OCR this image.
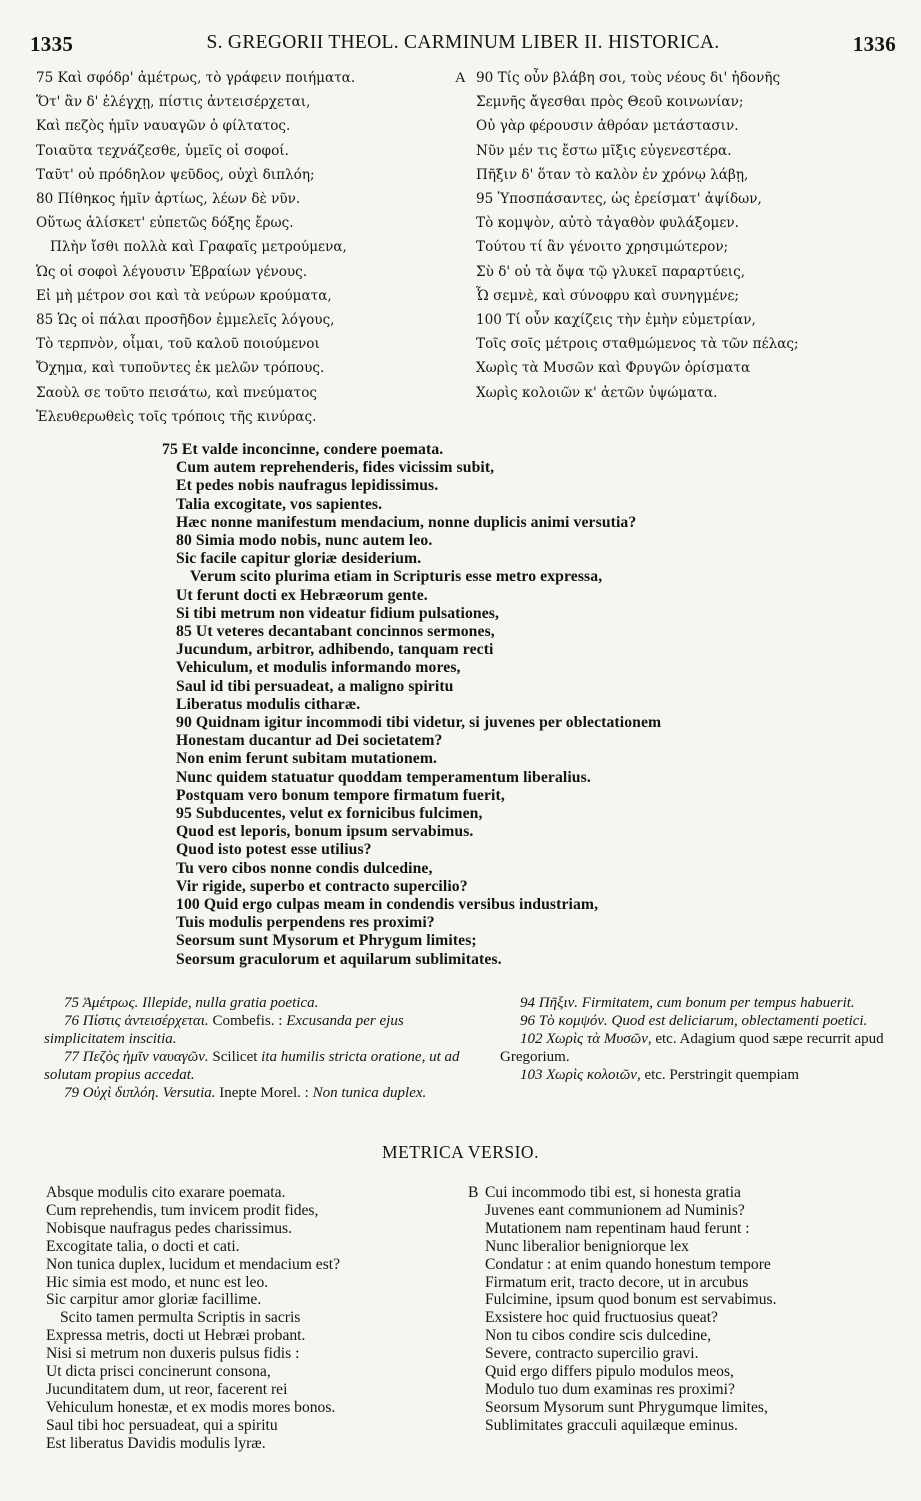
1335	S. GREGORII THEOL. CARMINUM LIBER II. HISTORICA.	1336
75 Καὶ σφόδρ' ἀμέτρως, τὸ γράφειν ποιήματα.
Ὅτ' ἂν δ' ἐλέγχῃ, πίστις ἀντεισέρχεται,
Καὶ πεζὸς ἡμῖν ναυαγῶν ὁ φίλτατος.
Τοιαῦτα τεχνάζεσθε, ὑμεῖς οἱ σοφοί.
Ταῦτ' οὐ πρόδηλον ψεῦδος, οὐχὶ διπλόη;
80 Πίθηκος ἡμῖν ἀρτίως, λέων δὲ νῦν.
Οὕτως ἁλίσκετ' εὐπετῶς δόξης ἔρως.
Πλὴν ἴσθι πολλὰ καὶ Γραφαῖς μετρούμενα,
Ὡς οἱ σοφοὶ λέγουσιν Ἑβραίων γένους.
Εἰ μὴ μέτρον σοι καὶ τὰ νεύρων κρούματα,
85 Ὡς οἱ πάλαι προσῆδον ἐμμελεῖς λόγους,
Τὸ τερπνὸν, οἶμαι, τοῦ καλοῦ ποιούμενοι
Ὄχημα, καὶ τυποῦντες ἐκ μελῶν τρόπους.
Σαοὺλ σε τοῦτο πεισάτω, καὶ πνεύματος
Ἐλευθερωθεὶς τοῖς τρόποις τῆς κινύρας.
A 90 Τίς οὖν βλάβη σοι, τοὺς νέους δι' ἡδονῆς
Σεμνῆς ἄγεσθαι πρὸς Θεοῦ κοινωνίαν;
Οὐ γὰρ φέρουσιν ἀθρόαν μετάστασιν.
Νῦν μέν τις ἔστω μῖξις εὐγενεστέρα.
Πῆξιν δ' ὅταν τὸ καλὸν ἐν χρόνῳ λάβῃ,
95 Ὑποσπάσαντες, ὡς ἐρείσματ' ἀψίδων,
Τὸ κομψὸν, αὐτὸ τἀγαθὸν φυλάξομεν.
Τούτου τί ἂν γένοιτο χρησιμώτερον;
Σὺ δ' οὐ τὰ ὄψα τῷ γλυκεῖ παραρτύεις,
Ὦ σεμνὲ, καὶ σύνοφρυ καὶ συνηγμένε;
100 Τί οὖν καχίζεις τὴν ἐμὴν εὐμετρίαν,
Τοῖς σοῖς μέτροις σταθμώμενος τὰ τῶν πέλας;
Χωρὶς τὰ Μυσῶν καὶ Φρυγῶν ὁρίσματα
Χωρὶς κολοιῶν κ' ἀετῶν ὑψώματα.
75 Et valde inconcinne, condere poemata.
Cum autem reprehenderis, fides vicissim subit,
Et pedes nobis naufragus lepidissimus.
Talia excogitate, vos sapientes.
Hæc nonne manifestum mendacium, nonne duplicis animi versutia?
80 Simia modo nobis, nunc autem leo.
Sic facile capitur gloriæ desiderium.
Verum scito plurima etiam in Scripturis esse metro expressa,
Ut ferunt docti ex Hebræorum gente.
Si tibi metrum non videatur fidium pulsationes,
85 Ut veteres decantabant concinnos sermones,
Jucundum, arbitror, adhibendo, tanquam recti
Vehiculum, et modulis informando mores,
Saul id tibi persuadeat, a maligno spiritu
Liberatus modulis citharæ.
90 Quidnam igitur incommodi tibi videtur, si juvenes per oblectationem
Honestam ducantur ad Dei societatem?
Non enim ferunt subitam mutationem.
Nunc quidem statuatur quoddam temperamentum liberalius.
Postquam vero bonum tempore firmatum fuerit,
95 Subducentes, velut ex fornicibus fulcimen,
Quod est leporis, bonum ipsum servabimus.
Quod isto potest esse utilius?
Tu vero cibos nonne condis dulcedine,
Vir rigide, superbo et contracto supercilio?
100 Quid ergo culpas meam in condendis versibus industriam,
Tuis modulis perpendens res proximi?
Seorsum sunt Mysorum et Phrygum limites;
Seorsum graculorum et aquilarum sublimitates.
75 Ἀμέτρως. Illepide, nulla gratia poetica.
76 Πίστις ἀντεισέρχεται. Combefis. : Excusanda per ejus simplicitatem inscitia.
77 Πεζὸς ἡμῖν ναυαγῶν. Scilicet ita humilis stricta oratione, ut ad solutam propius accedat.
79 Οὐχὶ διπλόη. Versutia. Inepte Morel. : Non tunica duplex.
94 Πῆξιν. Firmitatem, cum bonum per tempus habuerit.
96 Τὸ κομψόν. Quod est deliciarum, oblectamenti poetici.
102 Χωρὶς τὰ Μυσῶν, etc. Adagium quod sæpe recurrit apud Gregorium.
103 Χωρὶς κολοιῶν, etc. Perstringit quempiam
METRICA VERSIO.
Absque modulis cito exarare poemata.
Cum reprehendis, tum invicem prodit fides,
Nobisque naufragus pedes charissimus.
Excogitate talia, o docti et cati.
Non tunica duplex, lucidum et mendacium est?
Hic simia est modo, et nunc est leo.
Sic carpitur amor gloriæ facillime.
Scito tamen permulta Scriptis in sacris
Expressa metris, docti ut Hebræi probant.
Nisi si metrum non duxeris pulsus fidis :
Ut dicta prisci concinerunt consona,
Jucunditatem dum, ut reor, facerent rei
Vehiculum honestæ, et ex modis mores bonos.
Saul tibi hoc persuadeat, qui a spiritu
Est liberatus Davidis modulis lyræ.
B Cui incommodo tibi est, si honesta gratia
Juvenes eant communionem ad Numinis?
Mutationem nam repentinam haud ferunt :
Nunc liberalior benigniorque lex
Condatur : at enim quando honestum tempore
Firmatum erit, tracto decore, ut in arcubus
Fulcimine, ipsum quod bonum est servabimus.
Exsistere hoc quid fructuosius queat?
Non tu cibos condire scis dulcedine,
Severe, contracto supercilio gravi.
Quid ergo differs pipulo modulos meos,
Modulo tuo dum examinas res proximi?
Seorsum Mysorum sunt Phrygumque limites,
Sublimitates gracculi aquilæque eminus.
